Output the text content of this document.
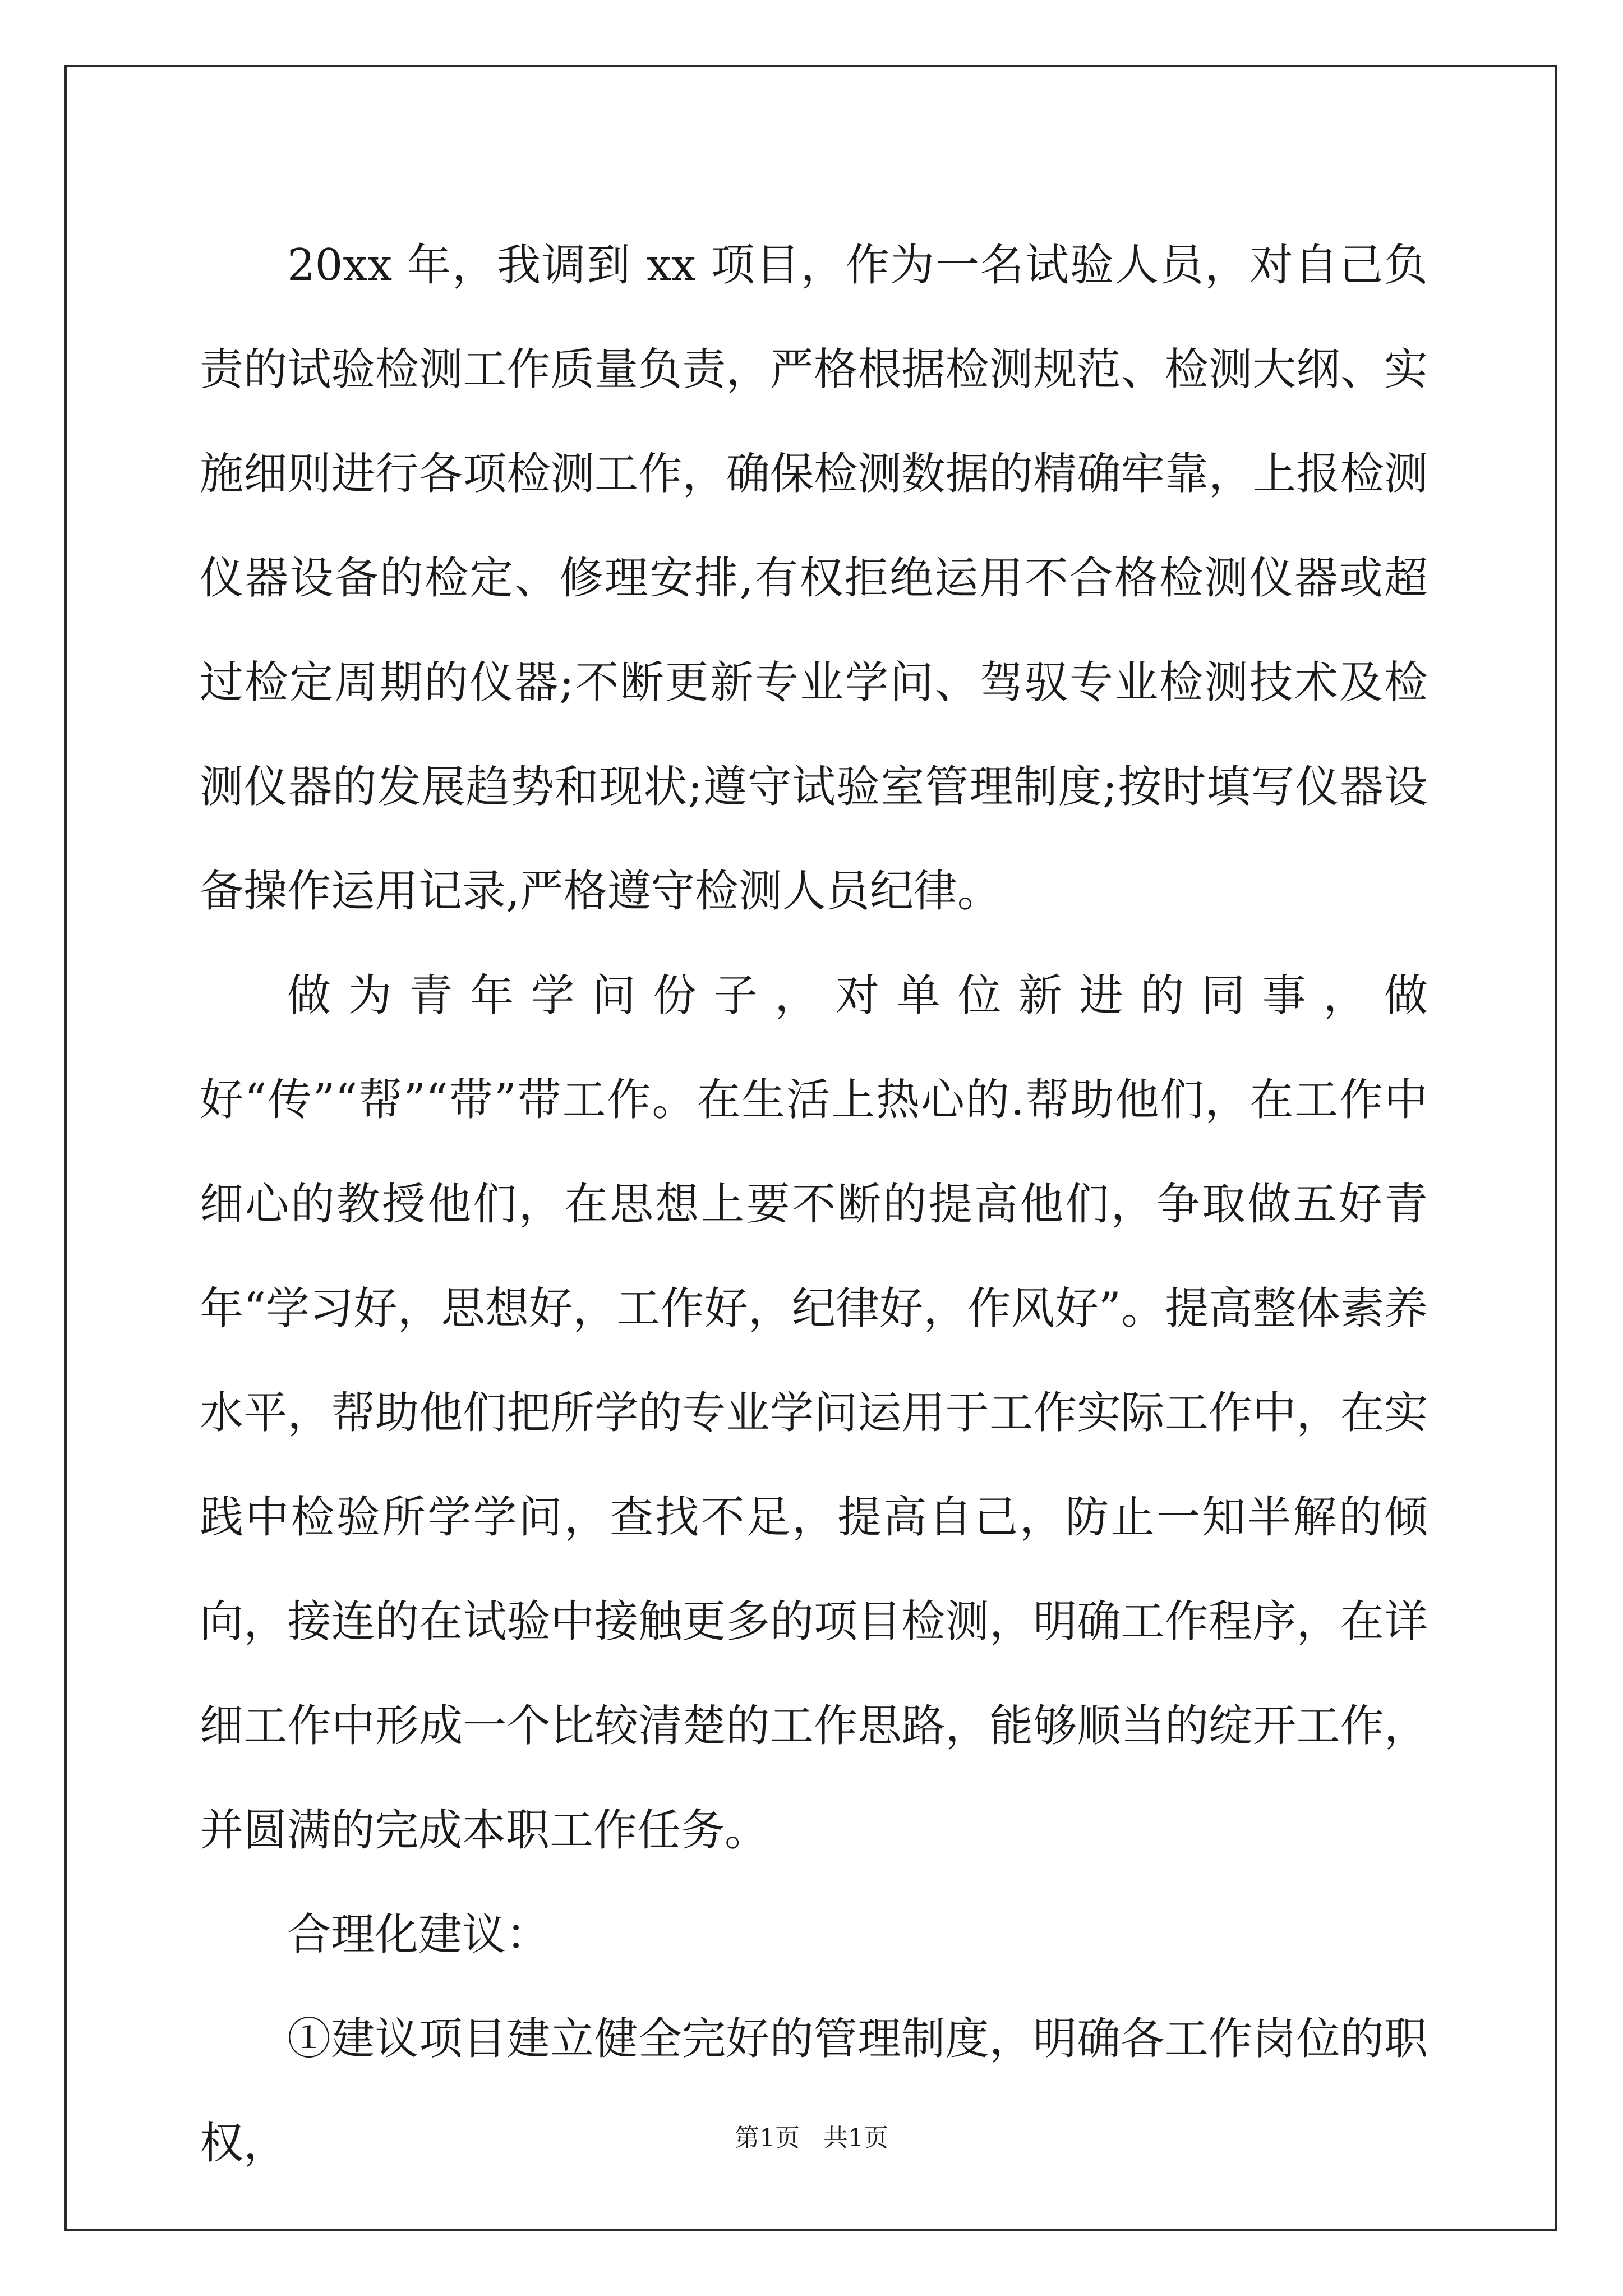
20xx 年，我调到 xx 项目，作为一名试验人员，对自己负责的试验检测工作质量负责，严格根据检测规范、检测大纲、实施细则进行各项检测工作，确保检测数据的精确牢靠，上报检测仪器设备的检定、修理安排,有权拒绝运用不合格检测仪器或超过检定周期的仪器;不断更新专业学问、驾驭专业检测技术及检测仪器的发展趋势和现状;遵守试验室管理制度;按时填写仪器设备操作运用记录,严格遵守检测人员纪律。

做为青年学问份子，对单位新进的同事，做好“传”“帮”“带”带工作。在生活上热心的.帮助他们，在工作中细心的教授他们，在思想上要不断的提高他们，争取做五好青年“学习好，思想好，工作好，纪律好，作风好”。提高整体素养水平，帮助他们把所学的专业学问运用于工作实际工作中，在实践中检验所学学问，查找不足，提高自己，防止一知半解的倾向，接连的在试验中接触更多的项目检测，明确工作程序，在详细工作中形成一个比较清楚的工作思路，能够顺当的绽开工作，并圆满的完成本职工作任务。

合理化建议：

①建议项目建立健全完好的管理制度，明确各工作岗位的职权，	第1页   共1页
